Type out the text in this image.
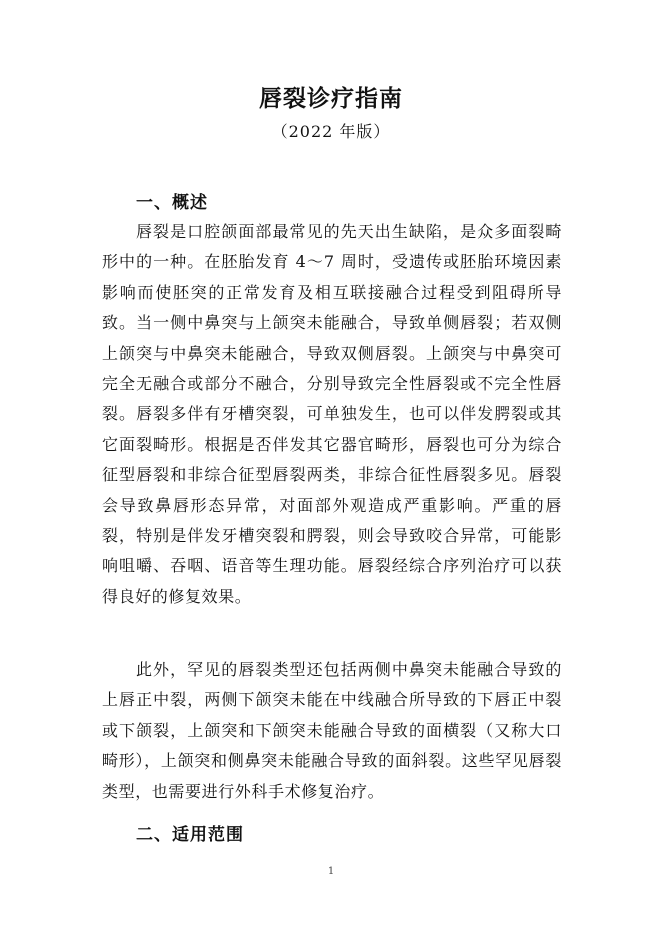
唇裂诊疗指南
（2022 年版）
一、概述

唇裂是口腔颌面部最常见的先天出生缺陷，是众多面裂畸形中的一种。在胚胎发育 4～7 周时，受遗传或胚胎环境因素影响而使胚突的正常发育及相互联接融合过程受到阻碍所导致。当一侧中鼻突与上颌突未能融合，导致单侧唇裂；若双侧上颌突与中鼻突未能融合，导致双侧唇裂。上颌突与中鼻突可完全无融合或部分不融合，分别导致完全性唇裂或不完全性唇裂。唇裂多伴有牙槽突裂，可单独发生，也可以伴发腭裂或其它面裂畸形。根据是否伴发其它器官畸形，唇裂也可分为综合征型唇裂和非综合征型唇裂两类，非综合征性唇裂多见。唇裂会导致鼻唇形态异常，对面部外观造成严重影响。严重的唇裂，特别是伴发牙槽突裂和腭裂，则会导致咬合异常，可能影响咀嚼、吞咽、语音等生理功能。唇裂经综合序列治疗可以获得良好的修复效果。

此外，罕见的唇裂类型还包括两侧中鼻突未能融合导致的上唇正中裂，两侧下颌突未能在中线融合所导致的下唇正中裂或下颌裂，上颌突和下颌突未能融合导致的面横裂（又称大口畸形），上颌突和侧鼻突未能融合导致的面斜裂。这些罕见唇裂类型，也需要进行外科手术修复治疗。

二、适用范围
1
